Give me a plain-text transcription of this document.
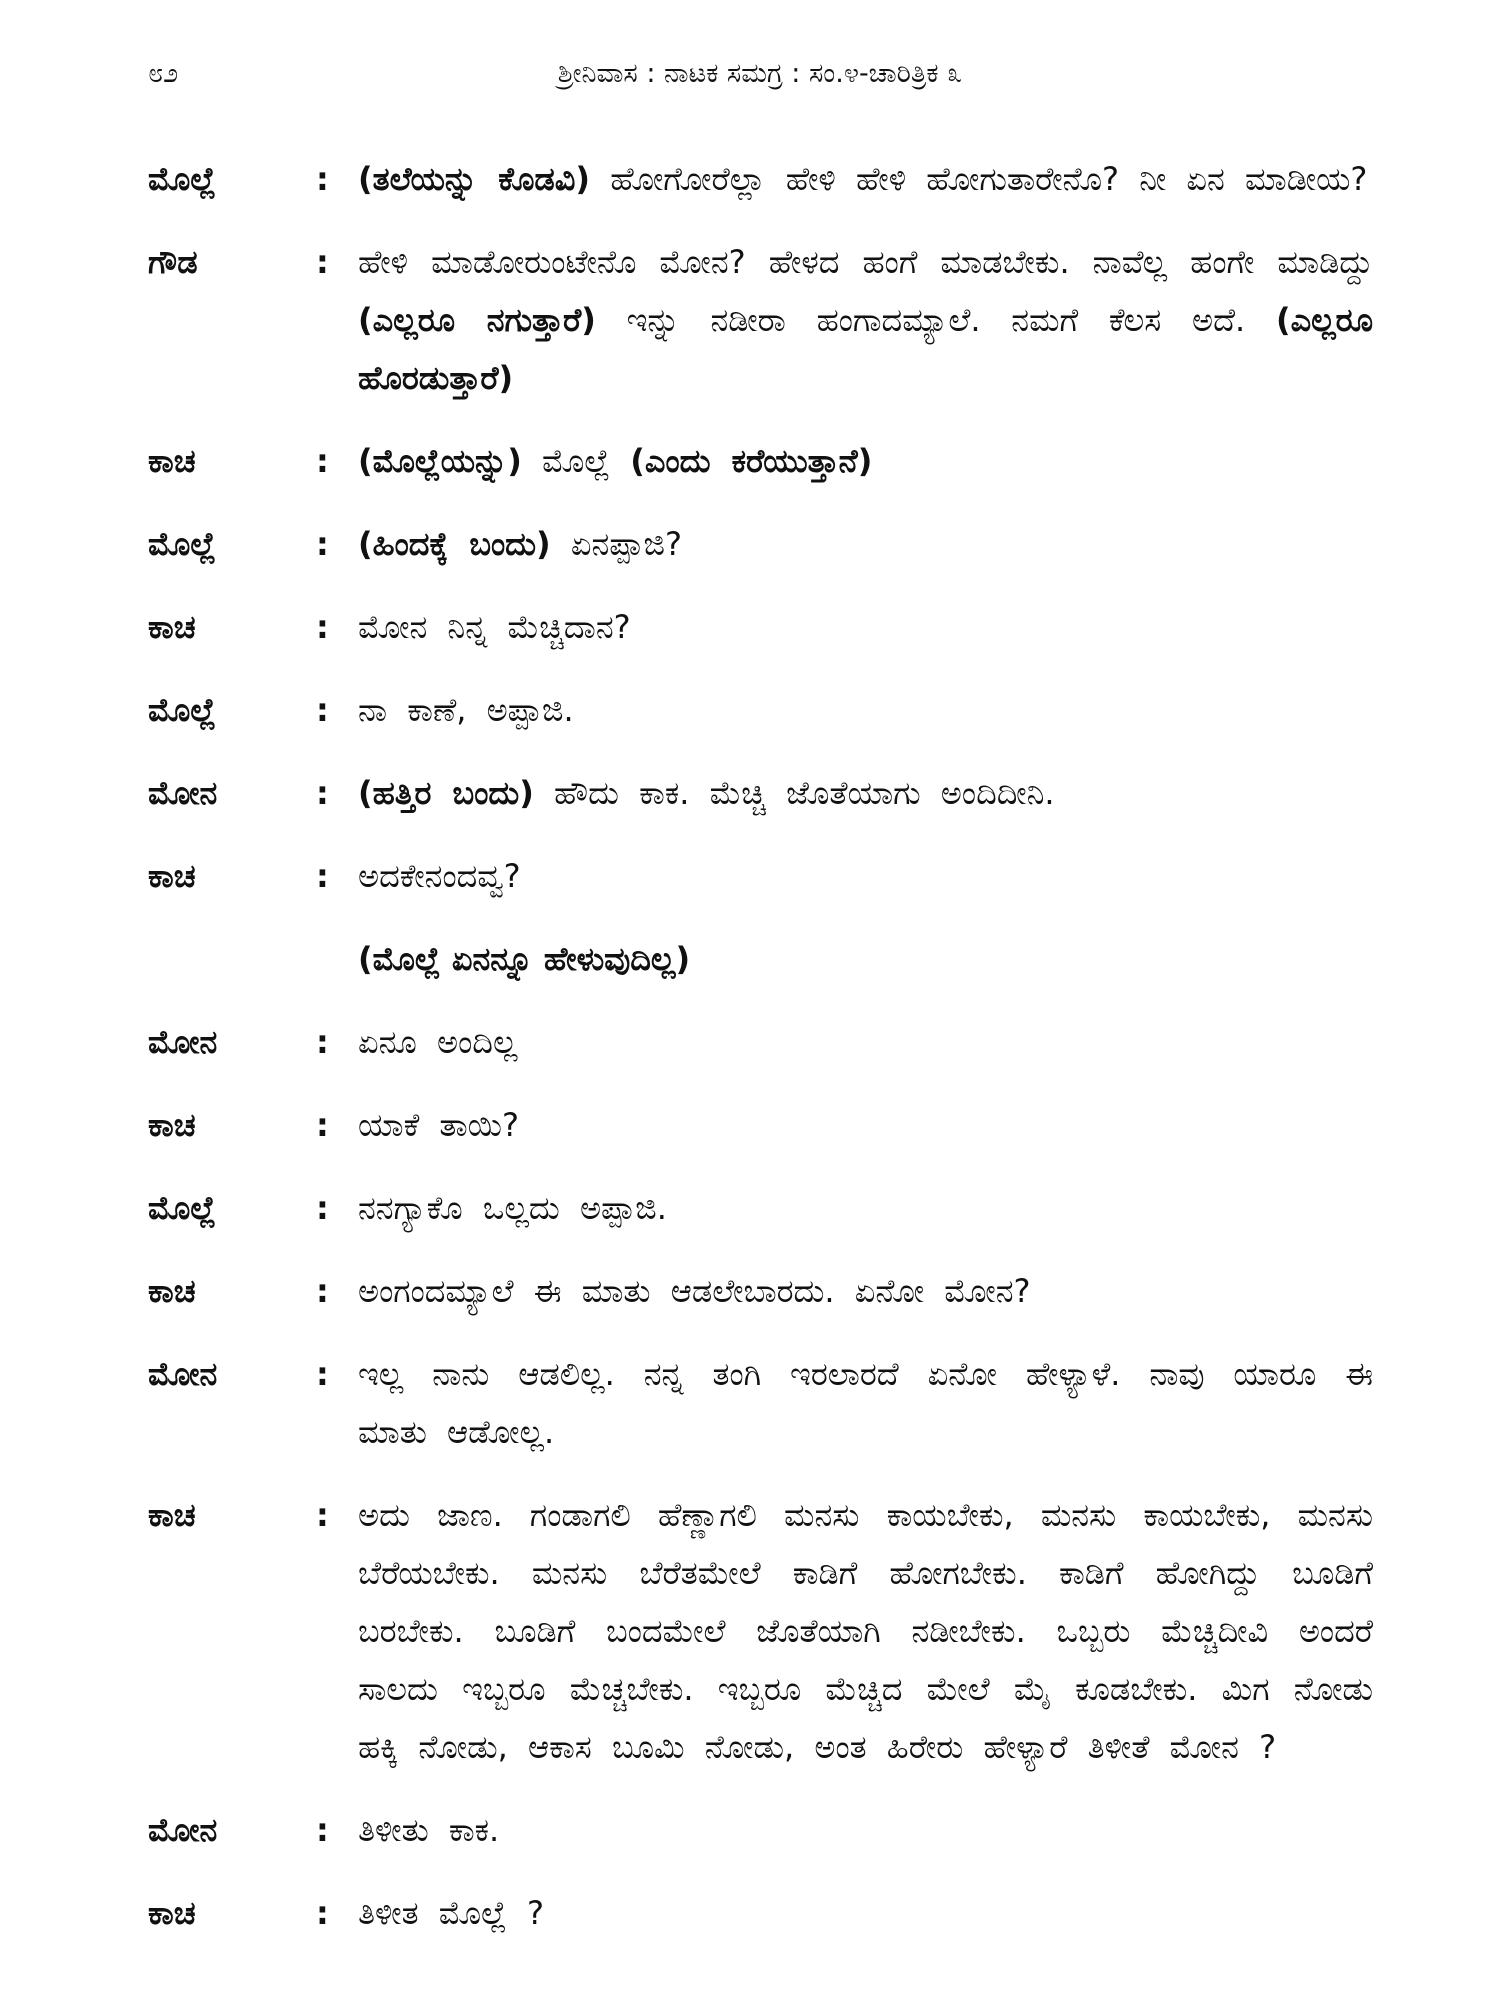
೮೨	ಶ್ರೀನಿವಾಸ : ನಾಟಕ ಸಮಗ್ರ : ಸಂ.೪-ಚಾರಿತ್ರಿಕ ೩
ಮೊಲ್ಲೆ	: (ತಲೆಯನ್ನು ಕೊಡವಿ) ಹೋಗೋರೆಲ್ಲಾ ಹೇಳಿ ಹೇಳಿ ಹೋಗುತಾರೇನೊ? ನೀ ಏನ ಮಾಡೀಯ?
ಗೌಡ	: ಹೇಳಿ ಮಾಡೋರುಂಟೇನೊ ಮೋನ? ಹೇಳದ ಹಂಗೆ ಮಾಡಬೇಕು. ನಾವೆಲ್ಲ ಹಂಗೇ ಮಾಡಿದ್ದು (ಎಲ್ಲರೂ ನಗುತ್ತಾರೆ) ಇನ್ನು ನಡೀರಾ ಹಂಗಾದಮ್ಯಾಲೆ. ನಮಗೆ ಕೆಲಸ ಅದೆ. (ಎಲ್ಲರೂ ಹೊರಡುತ್ತಾರೆ)
ಕಾಚ	: (ಮೊಲ್ಲೆಯನ್ನು) ಮೊಲ್ಲೆ (ಎಂದು ಕರೆಯುತ್ತಾನೆ)
ಮೊಲ್ಲೆ	: (ಹಿಂದಕ್ಕೆ ಬಂದು) ಏನಪ್ಪಾಜಿ?
ಕಾಚ	: ಮೋನ ನಿನ್ನ ಮೆಚ್ಚಿದಾನ?
ಮೊಲ್ಲೆ	: ನಾ ಕಾಣೆ, ಅಪ್ಪಾಜಿ.
ಮೋನ	: (ಹತ್ತಿರ ಬಂದು) ಹೌದು ಕಾಕ. ಮೆಚ್ಚಿ ಜೊತೆಯಾಗು ಅಂದಿದೀನಿ.
ಕಾಚ	: ಅದಕೇನಂದವ್ವ?
(ಮೊಲ್ಲೆ ಏನನ್ನೂ ಹೇಳುವುದಿಲ್ಲ)
ಮೋನ	: ಏನೂ ಅಂದಿಲ್ಲ
ಕಾಚ	: ಯಾಕೆ ತಾಯಿ?
ಮೊಲ್ಲೆ	: ನನಗ್ಯಾಕೊ ಒಲ್ಲದು ಅಪ್ಪಾಜಿ.
ಕಾಚ	: ಅಂಗಂದಮ್ಯಾಲೆ ಈ ಮಾತು ಆಡಲೇಬಾರದು. ಏನೋ ಮೋನ?
ಮೋನ	: ಇಲ್ಲ ನಾನು ಆಡಲಿಲ್ಲ. ನನ್ನ ತಂಗಿ ಇರಲಾರದೆ ಏನೋ ಹೇಳ್ಯಾಳೆ. ನಾವು ಯಾರೂ ಈ ಮಾತು ಆಡೋಲ್ಲ.
ಕಾಚ	: ಅದು ಜಾಣ. ಗಂಡಾಗಲಿ ಹೆಣ್ಣಾಗಲಿ ಮನಸು ಕಾಯಬೇಕು, ಮನಸು ಕಾಯಬೇಕು, ಮನಸು ಬೆರೆಯಬೇಕು. ಮನಸು ಬೆರೆತಮೇಲೆ ಕಾಡಿಗೆ ಹೋಗಬೇಕು. ಕಾಡಿಗೆ ಹೋಗಿದ್ದು ಬೂಡಿಗೆ ಬರಬೇಕು. ಬೂಡಿಗೆ ಬಂದಮೇಲೆ ಜೊತೆಯಾಗಿ ನಡೀಬೇಕು. ಒಬ್ಬರು ಮೆಚ್ಚಿದೀವಿ ಅಂದರೆ ಸಾಲದು ಇಬ್ಬರೂ ಮೆಚ್ಚಬೇಕು. ಇಬ್ಬರೂ ಮೆಚ್ಚಿದ ಮೇಲೆ ಮೈ ಕೂಡಬೇಕು. ಮಿಗ ನೋಡು ಹಕ್ಕಿ ನೋಡು, ಆಕಾಸ ಬೂಮಿ ನೋಡು, ಅಂತ ಹಿರೇರು ಹೇಳ್ಯಾರೆ ತಿಳೀತೆ ಮೋನ ?
ಮೋನ	: ತಿಳೀತು ಕಾಕ.
ಕಾಚ	: ತಿಳೀತ ಮೊಲ್ಲೆ ?
